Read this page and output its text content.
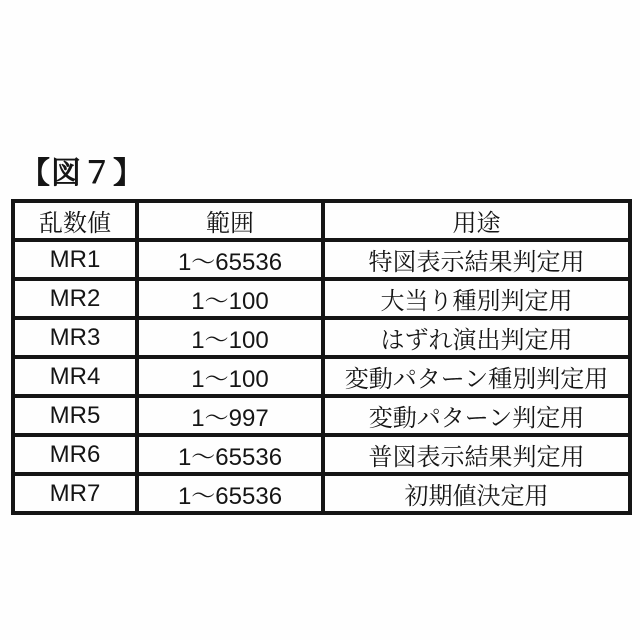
【図７】
乱数値	範囲	用途
MR1	1～65536	特図表示結果判定用
MR2	1～100	大当り種別判定用
MR3	1～100	はずれ演出判定用
MR4	1～100	変動パターン種別判定用
MR5	1～997	変動パターン判定用
MR6	1～65536	普図表示結果判定用
MR7	1～65536	初期値決定用
